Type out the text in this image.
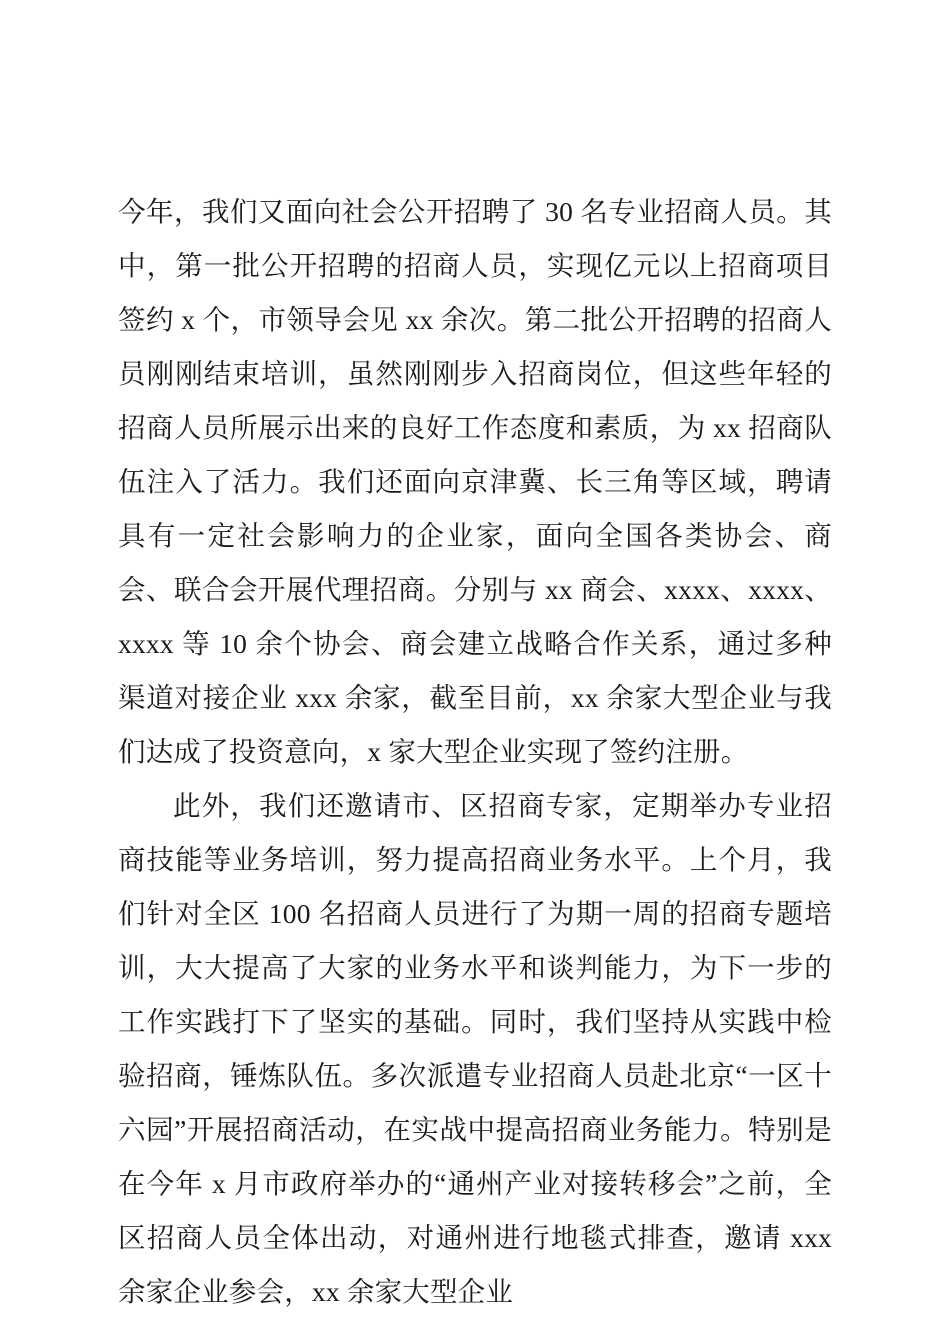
今年，我们又面向社会公开招聘了 30 名专业招商人员。其中，第一批公开招聘的招商人员，实现亿元以上招商项目签约 x 个，市领导会见 xx 余次。第二批公开招聘的招商人员刚刚结束培训，虽然刚刚步入招商岗位，但这些年轻的招商人员所展示出来的良好工作态度和素质，为 xx 招商队伍注入了活力。我们还面向京津冀、长三角等区域，聘请具有一定社会影响力的企业家，面向全国各类协会、商会、联合会开展代理招商。分别与 xx 商会、xxxx、xxxx、xxxx 等 10 余个协会、商会建立战略合作关系，通过多种渠道对接企业 xxx 余家，截至目前，xx 余家大型企业与我们达成了投资意向，x 家大型企业实现了签约注册。

此外，我们还邀请市、区招商专家，定期举办专业招商技能等业务培训，努力提高招商业务水平。上个月，我们针对全区 100 名招商人员进行了为期一周的招商专题培训，大大提高了大家的业务水平和谈判能力，为下一步的工作实践打下了坚实的基础。同时，我们坚持从实践中检验招商，锤炼队伍。多次派遣专业招商人员赴北京“一区十六园”开展招商活动，在实战中提高招商业务能力。特别是在今年 x 月市政府举办的“通州产业对接转移会”之前，全区招商人员全体出动，对通州进行地毯式排查，邀请 xxx 余家企业参会，xx 余家大型企业
